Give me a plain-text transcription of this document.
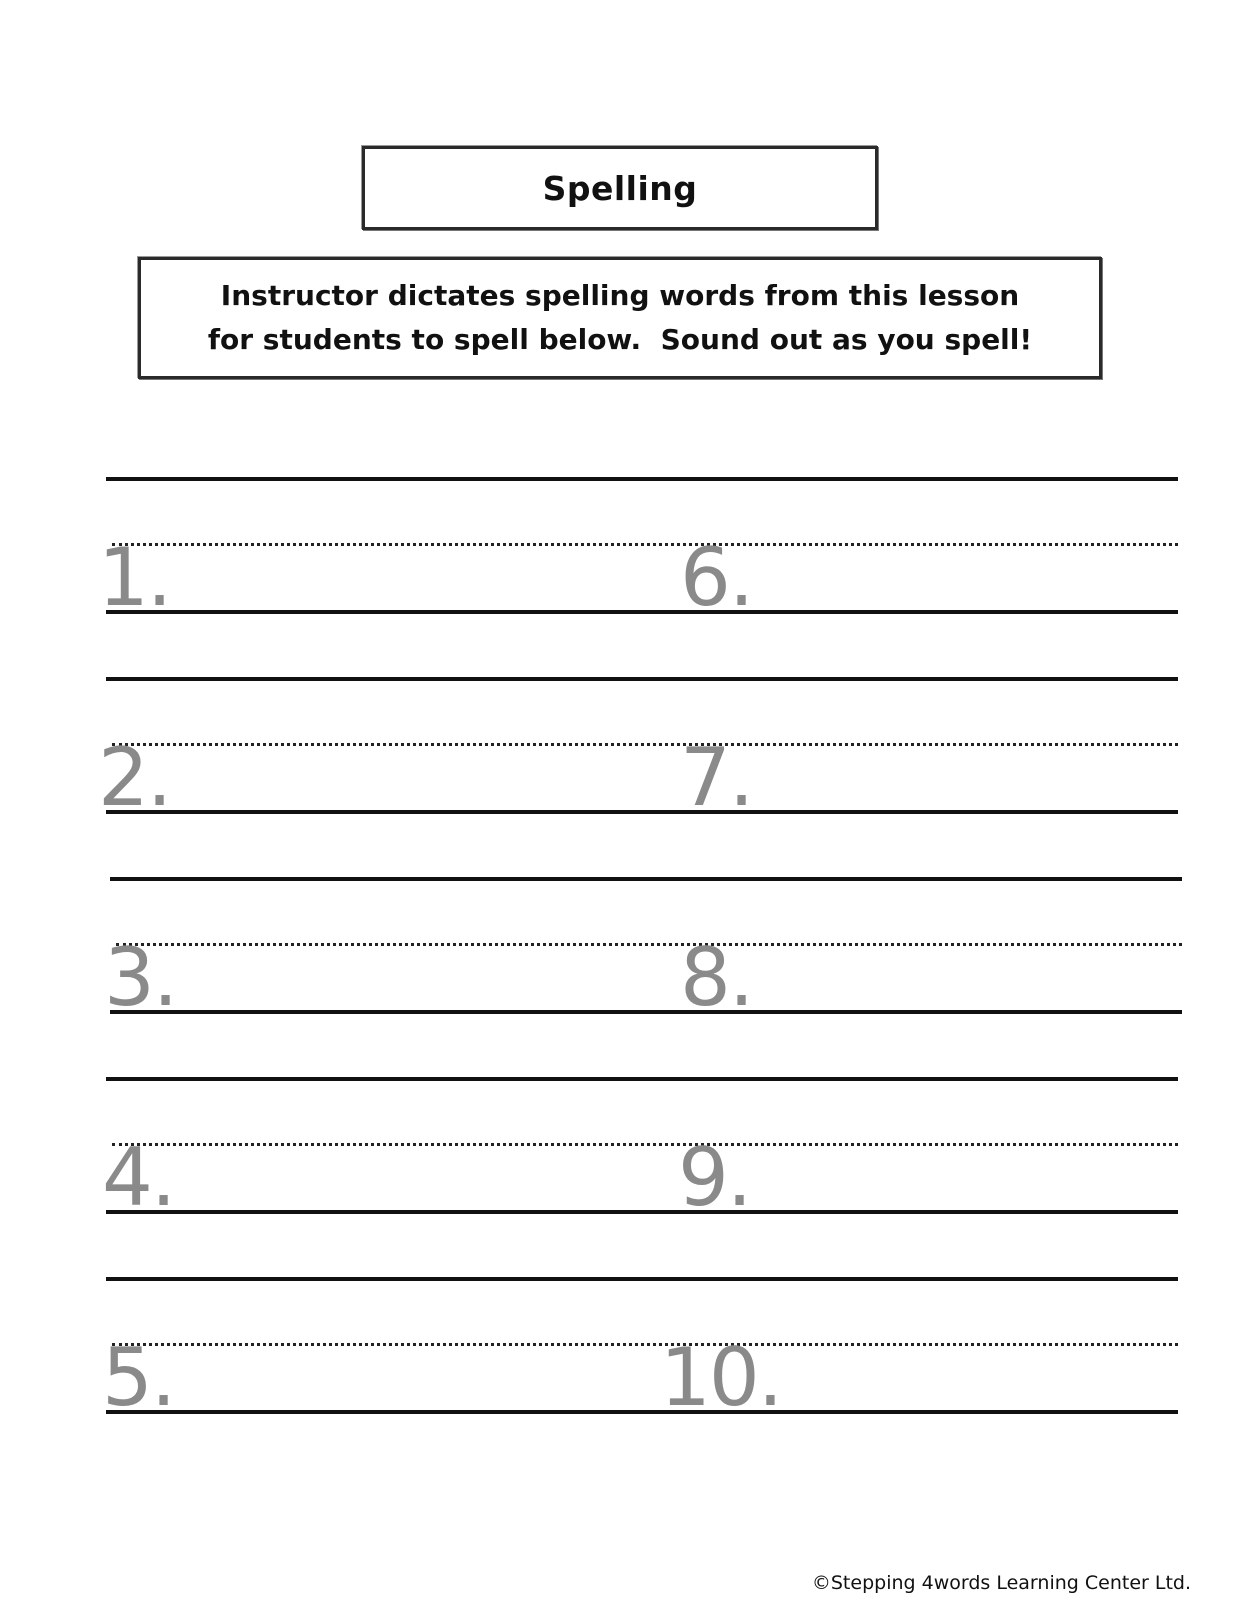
Spelling
Instructor dictates spelling words from this lesson
for students to spell below.  Sound out as you spell!
1.	6.
2.	7.
3.	8.
4.	9.
5.	10.
©Stepping 4words Learning Center Ltd.
